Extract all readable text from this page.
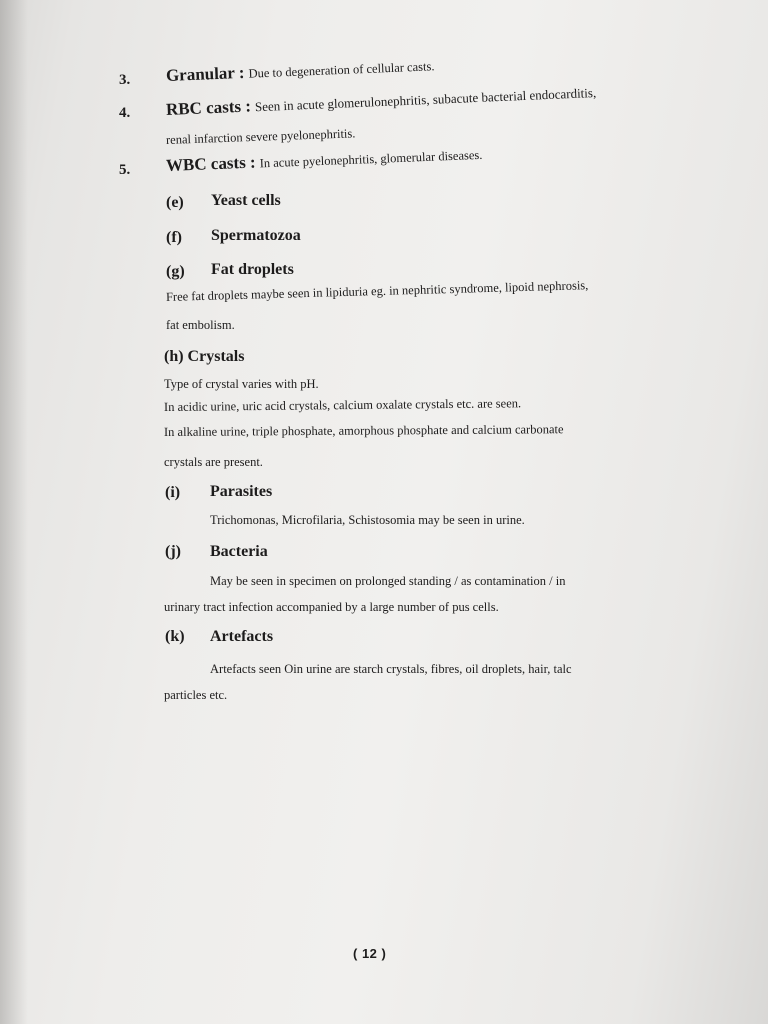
3. Granular : Due to degeneration of cellular casts.
4. RBC casts : Seen in acute glomerulonephritis, subacute bacterial endocarditis,
renal infarction severe pyelonephritis.
5. WBC casts : In acute pyelonephritis, glomerular diseases.
(e) Yeast cells
(f) Spermatozoa
(g) Fat droplets
Free fat droplets maybe seen in lipiduria eg. in nephritic syndrome, lipoid nephrosis,
fat embolism.
(h) Crystals
Type of crystal varies with pH.
In acidic urine, uric acid crystals, calcium oxalate crystals etc. are seen.
In alkaline urine, triple phosphate, amorphous phosphate and calcium carbonate
crystals are present.
(i) Parasites
Trichomonas, Microfilaria, Schistosomia may be seen in urine.
(j) Bacteria
May be seen in specimen on prolonged standing / as contamination / in
urinary tract infection accompanied by a large number of pus cells.
(k) Artefacts
Artefacts seen Oin urine are starch crystals, fibres, oil droplets, hair, talc
particles etc.
( 12 )
